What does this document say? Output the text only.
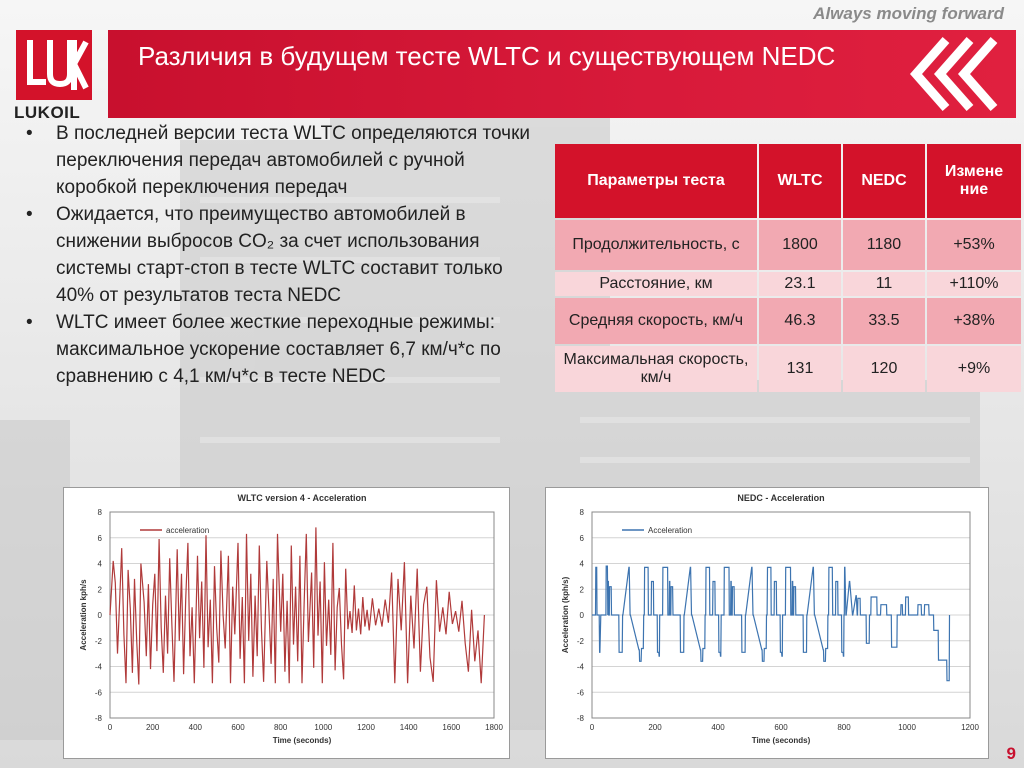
Always moving forward
LUKOIL
Различия в будущем тесте WLTC и существующем NEDC
• В последней версии теста WLTC определяются точки переключения передач автомобилей с ручной коробкой переключения передач
• Ожидается, что преимущество автомобилей в снижении выбросов CO₂ за счет использования системы старт-стоп в тесте WLTC составит только 40% от результатов теста NEDC
• WLTC имеет более жесткие переходные режимы: максимальное ускорение составляет 6,7 км/ч*с по сравнению с 4,1 км/ч*с в тесте NEDC
Параметры теста	WLTC	NEDC	Измене ние
Продолжительность, с	1800	1180	+53%
Расстояние, км	23.1	11	+110%
Средняя скорость, км/ч	46.3	33.5	+38%
Максимальная скорость, км/ч	131	120	+9%
8
6
4
2
0
-2
-4
-6
-8
0	200	400	600	800	1000	1200	1400	1600	1800
WLTC version 4 - Acceleration
Time (seconds)
Acceleration kph/s
acceleration
8
6
4
2
0
-2
-4
-6
-8
0	200	400	600	800	1000	1200
NEDC - Acceleration
Time (seconds)
Acceleration (kph/s)
Acceleration
9
